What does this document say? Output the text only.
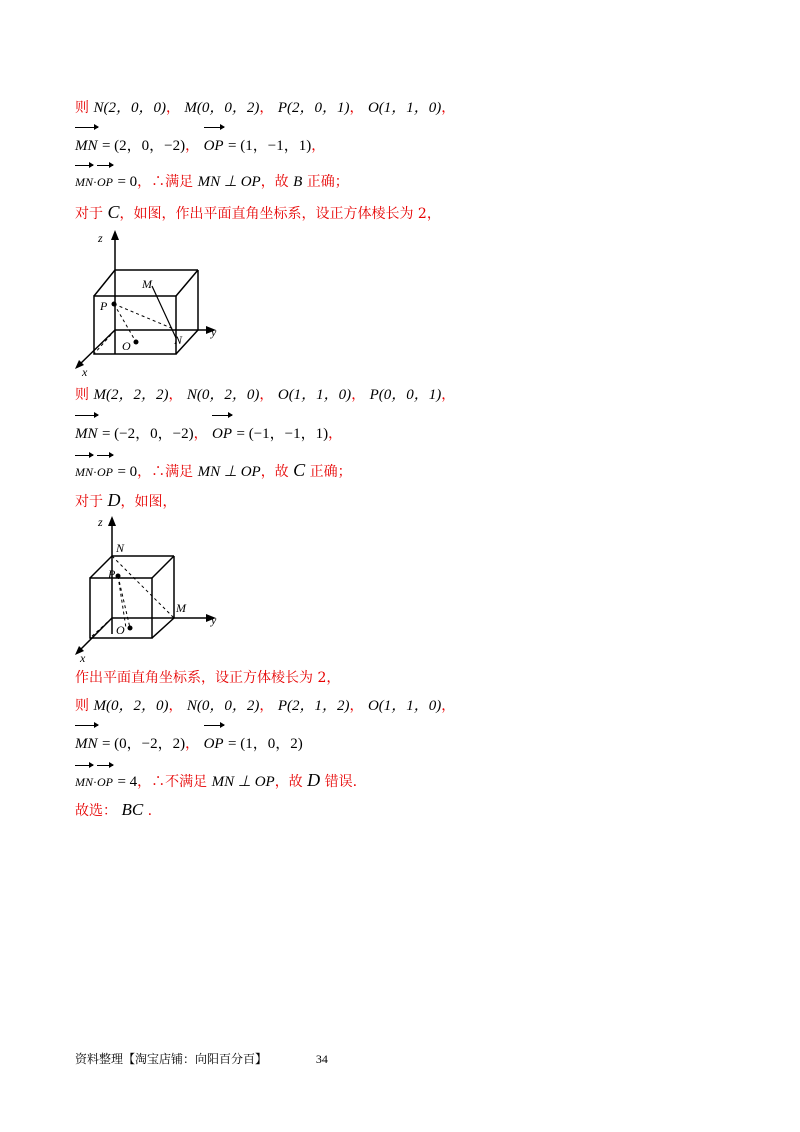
则 N(2，0，0)， M(0，0，2)， P(2，0，1)， O(1，1，0)，
MN = (2，0，−2)， OP = (1，−1，1)，
MN·
OP = 0，∴满足 MN ⊥ OP，故 B 正确；
对于 C，如图，作出平面直角坐标系，设正方体棱长为 2，
z
y
x
M
P
O	N
则 M(2，2，2)， N(0，2，0)， O(1，1，0)， P(0，0，1)，
MN = (−2，0，−2)， OP = (−1，−1，1)，
MN·
OP = 0，∴满足 MN ⊥ OP，故 C 正确；
对于 D，如图，
z
y
x
N
P
M
O
作出平面直角坐标系，设正方体棱长为 2，
则 M(0，2，0)， N(0，0，2)， P(2，1，2)， O(1，1，0)，
MN = (0，−2，2)， OP = (1，0，2)
MN·
OP = 4，∴不满足 MN ⊥ OP，故 D 错误.
故选： BC .
资料整理【淘宝店铺：向阳百分百】	34
